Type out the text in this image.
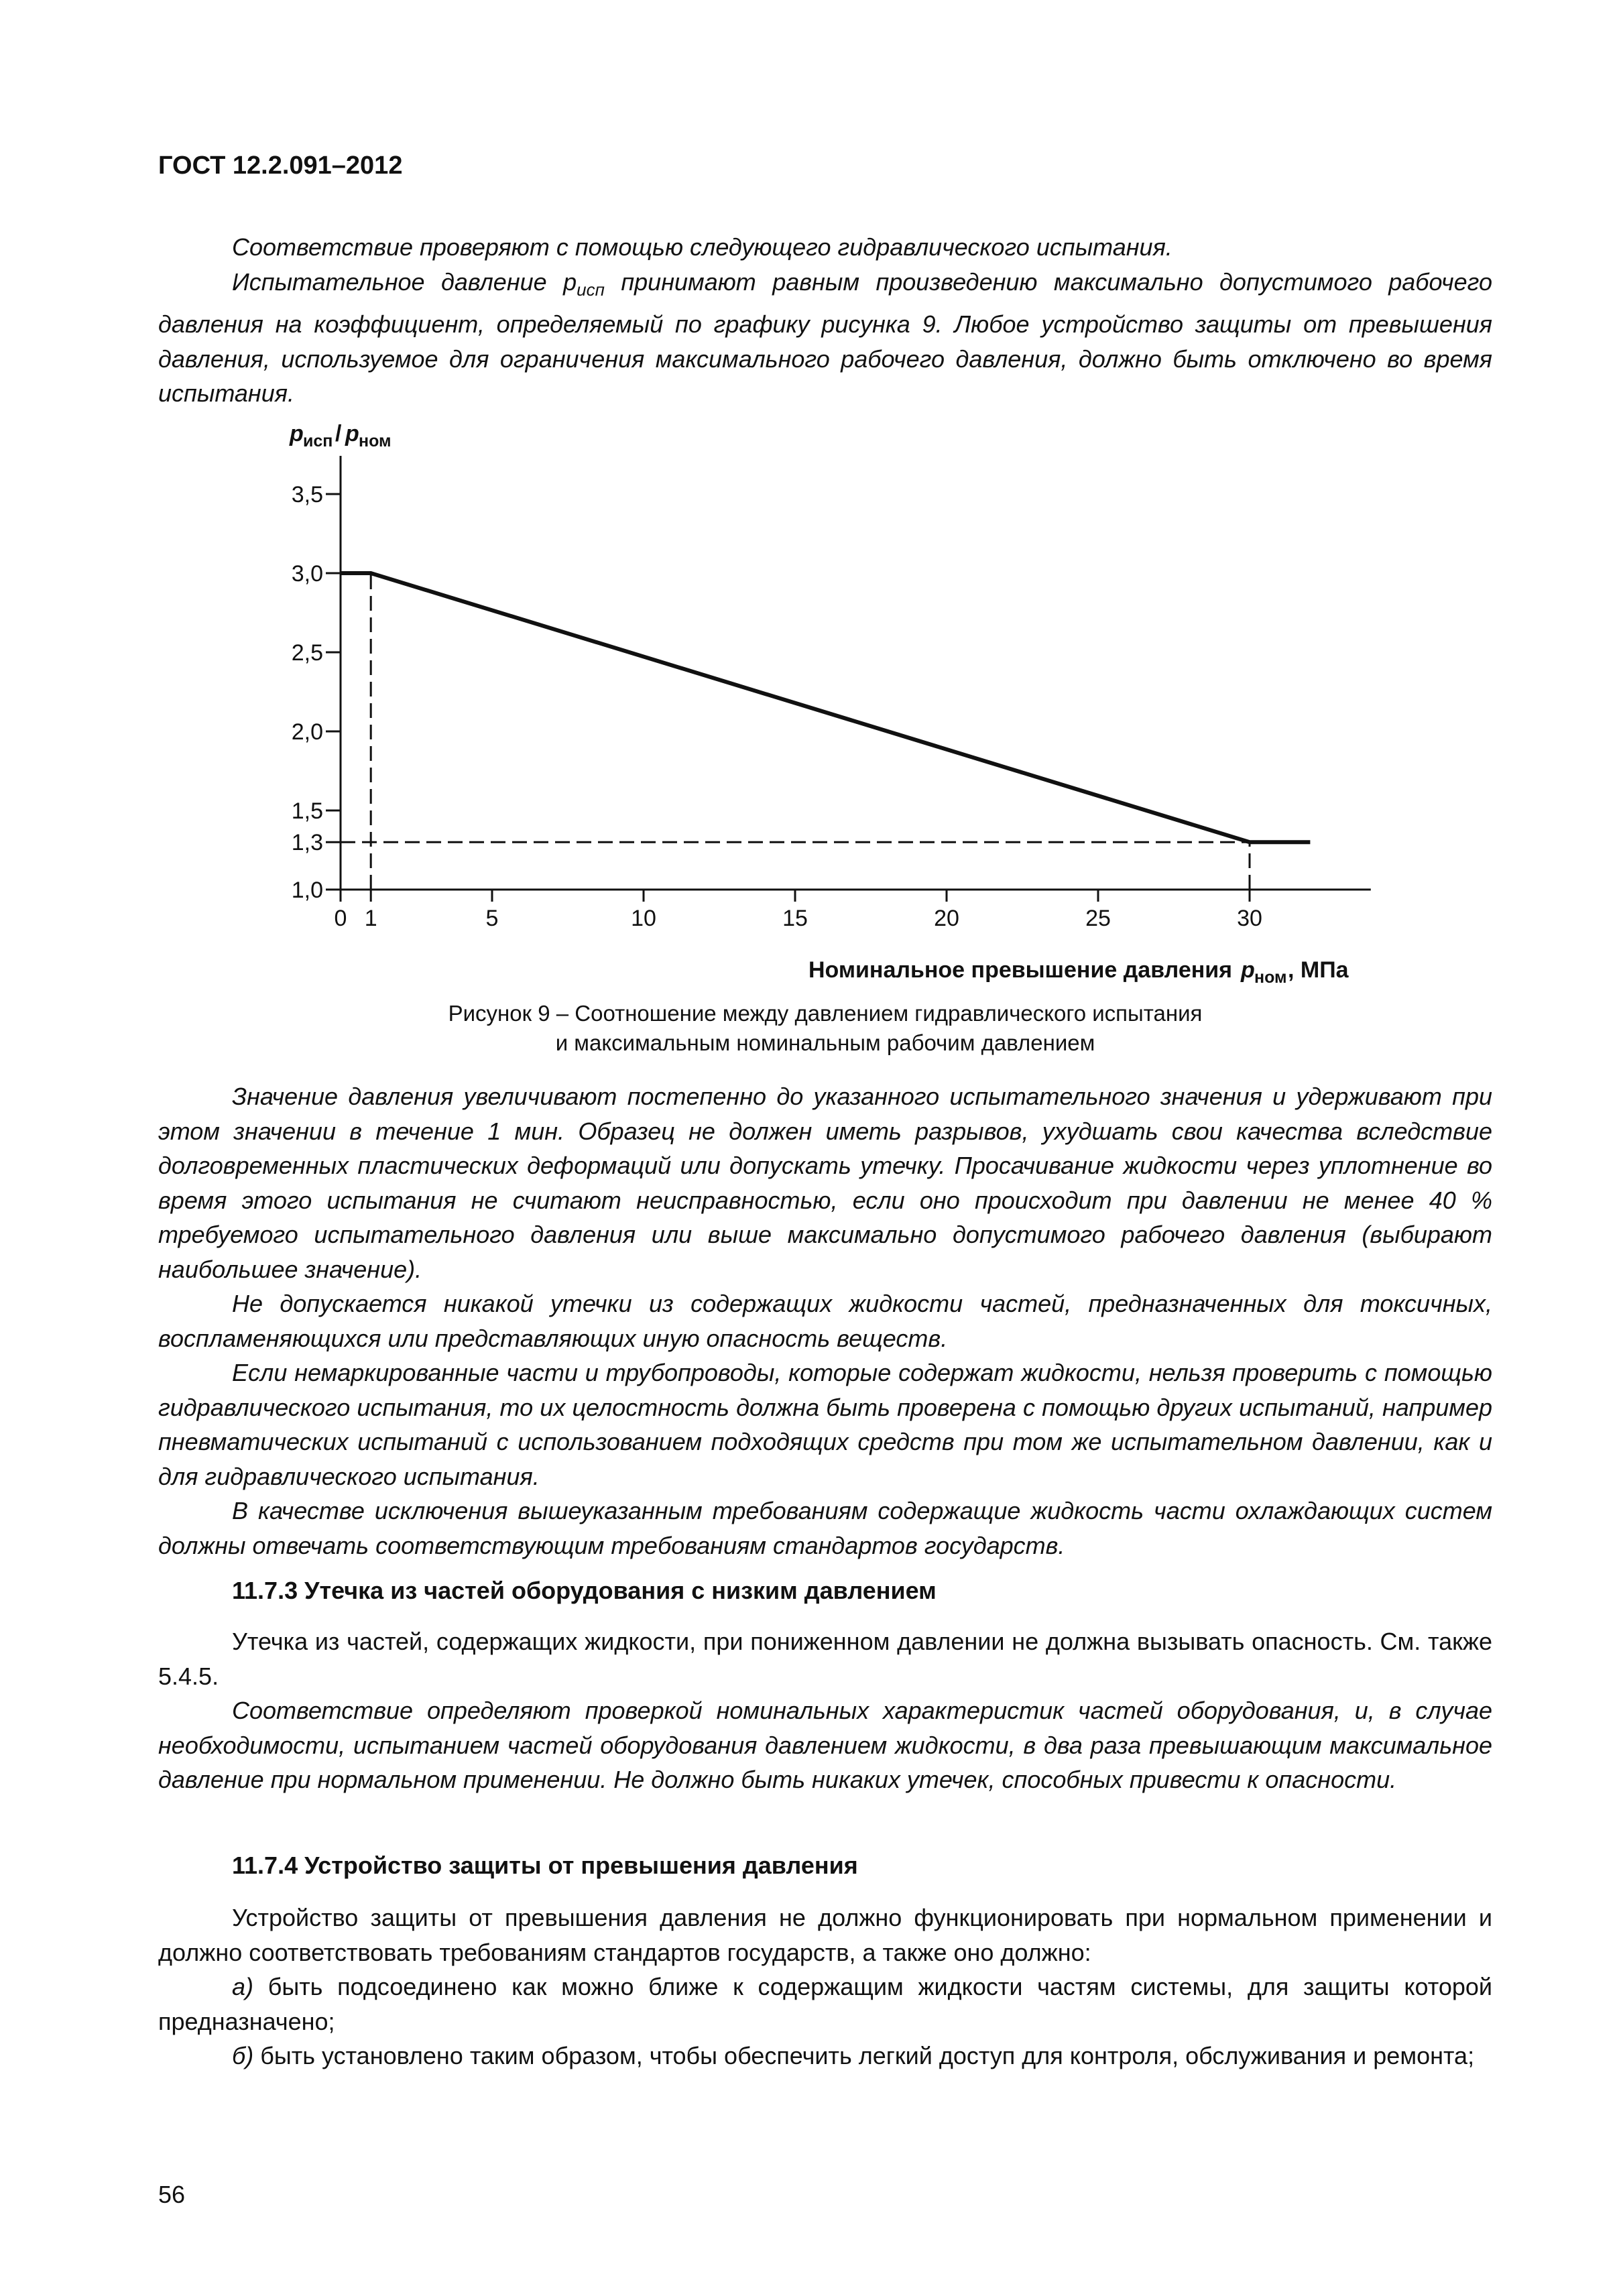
ГОСТ 12.2.091–2012

Соответствие проверяют с помощью следующего гидравлического испытания.

Испытательное давление $p_{исп}$ принимают равным произведению максимально допустимого рабочего давления на коэффициент, определяемый по графику рисунка 9. Любое устройство защиты от превышения давления, используемое для ограничения максимального рабочего давления, должно быть отключено во время испытания.

p исп / p ном
1,0
1,3
1,5
2,0
2,5
3,0
3,5
0 1	5	10	15	20	25	30
Номинальное превышение давления p ном , МПа
Рисунок 9 – Соотношение между давлением гидравлического испытания
и максимальным номинальным рабочим давлением

Значение давления увеличивают постепенно до указанного испытательного значения и удерживают при этом значении в течение 1 мин. Образец не должен иметь разрывов, ухудшать свои качества вследствие долговременных пластических деформаций или допускать утечку. Просачивание жидкости через уплотнение во время этого испытания не считают неисправностью, если оно происходит при давлении не менее 40 % требуемого испытательного давления или выше максимально допустимого рабочего давления (выбирают наибольшее значение).

Не допускается никакой утечки из содержащих жидкости частей, предназначенных для токсичных, воспламеняющихся или представляющих иную опасность веществ.

Если немаркированные части и трубопроводы, которые содержат жидкости, нельзя проверить с помощью гидравлического испытания, то их целостность должна быть проверена с помощью других испытаний, например пневматических испытаний с использованием подходящих средств при том же испытательном давлении, как и для гидравлического испытания.

В качестве исключения вышеуказанным требованиям содержащие жидкость части охлаждающих систем должны отвечать соответствующим требованиям стандартов государств.

11.7.3 Утечка из частей оборудования с низким давлением

Утечка из частей, содержащих жидкости, при пониженном давлении не должна вызывать опасность. См. также 5.4.5.

Соответствие определяют проверкой номинальных характеристик частей оборудования, и, в случае необходимости, испытанием частей оборудования давлением жидкости, в два раза превышающим максимальное давление при нормальном применении. Не должно быть никаких утечек, способных привести к опасности.

11.7.4 Устройство защиты от превышения давления

Устройство защиты от превышения давления не должно функционировать при нормальном применении и должно соответствовать требованиям стандартов государств, а также оно должно:

а) быть подсоединено как можно ближе к содержащим жидкости частям системы, для защиты которой предназначено;

б) быть установлено таким образом, чтобы обеспечить легкий доступ для контроля, обслуживания и ремонта;

56
